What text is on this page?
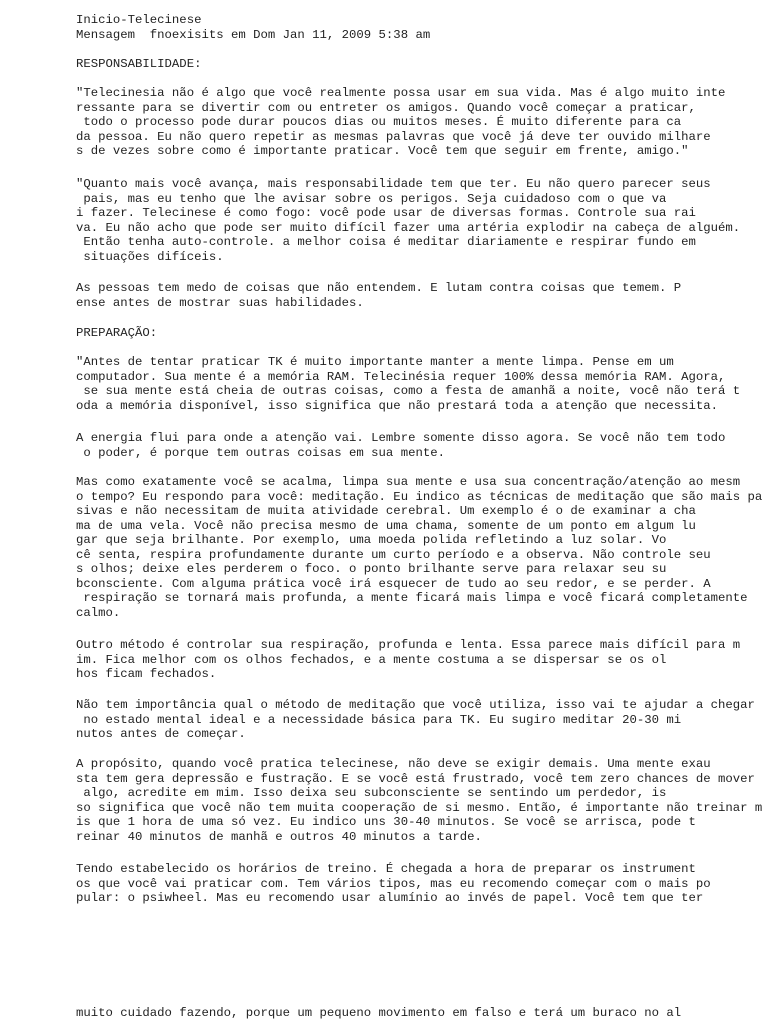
Inicio-Telecinese
Mensagem  fnoexisits em Dom Jan 11, 2009 5:38 am
RESPONSABILIDADE:
"Telecinesia não é algo que você realmente possa usar em sua vida. Mas é algo muito inte
ressante para se divertir com ou entreter os amigos. Quando você começar a praticar,
todo o processo pode durar poucos dias ou muitos meses. É muito diferente para ca
da pessoa. Eu não quero repetir as mesmas palavras que você já deve ter ouvido milhare
s de vezes sobre como é importante praticar. Você tem que seguir em frente, amigo."
"Quanto mais você avança, mais responsabilidade tem que ter. Eu não quero parecer seus
pais, mas eu tenho que lhe avisar sobre os perigos. Seja cuidadoso com o que va
i fazer. Telecinese é como fogo: você pode usar de diversas formas. Controle sua rai
va. Eu não acho que pode ser muito difícil fazer uma artéria explodir na cabeça de alguém.
Então tenha auto-controle. a melhor coisa é meditar diariamente e respirar fundo em
situações difíceis.
As pessoas tem medo de coisas que não entendem. E lutam contra coisas que temem. P
ense antes de mostrar suas habilidades.
PREPARAÇÃO:
"Antes de tentar praticar TK é muito importante manter a mente limpa. Pense em um
computador. Sua mente é a memória RAM. Telecinésia requer 100% dessa memória RAM. Agora,
se sua mente está cheia de outras coisas, como a festa de amanhã a noite, você não terá t
oda a memória disponível, isso significa que não prestará toda a atenção que necessita.
A energia flui para onde a atenção vai. Lembre somente disso agora. Se você não tem todo
o poder, é porque tem outras coisas em sua mente.
Mas como exatamente você se acalma, limpa sua mente e usa sua concentração/atenção ao mesm
o tempo? Eu respondo para você: meditação. Eu indico as técnicas de meditação que são mais pa
sivas e não necessitam de muita atividade cerebral. Um exemplo é o de examinar a cha
ma de uma vela. Você não precisa mesmo de uma chama, somente de um ponto em algum lu
gar que seja brilhante. Por exemplo, uma moeda polida refletindo a luz solar. Vo
cê senta, respira profundamente durante um curto período e a observa. Não controle seu
s olhos; deixe eles perderem o foco. o ponto brilhante serve para relaxar seu su
bconsciente. Com alguma prática você irá esquecer de tudo ao seu redor, e se perder. A
respiração se tornará mais profunda, a mente ficará mais limpa e você ficará completamente
calmo.
Outro método é controlar sua respiração, profunda e lenta. Essa parece mais difícil para m
im. Fica melhor com os olhos fechados, e a mente costuma a se dispersar se os ol
hos ficam fechados.
Não tem importância qual o método de meditação que você utiliza, isso vai te ajudar a chegar
no estado mental ideal e a necessidade básica para TK. Eu sugiro meditar 20-30 mi
nutos antes de começar.
A propósito, quando você pratica telecinese, não deve se exigir demais. Uma mente exau
sta tem gera depressão e fustração. E se você está frustrado, você tem zero chances de mover
algo, acredite em mim. Isso deixa seu subconsciente se sentindo um perdedor, is
so significa que você não tem muita cooperação de si mesmo. Então, é importante não treinar m
is que 1 hora de uma só vez. Eu indico uns 30-40 minutos. Se você se arrisca, pode t
reinar 40 minutos de manhã e outros 40 minutos a tarde.
Tendo estabelecido os horários de treino. É chegada a hora de preparar os instrument
os que você vai praticar com. Tem vários tipos, mas eu recomendo começar com o mais po
pular: o psiwheel. Mas eu recomendo usar alumínio ao invés de papel. Você tem que ter
muito cuidado fazendo, porque um pequeno movimento em falso e terá um buraco no al
